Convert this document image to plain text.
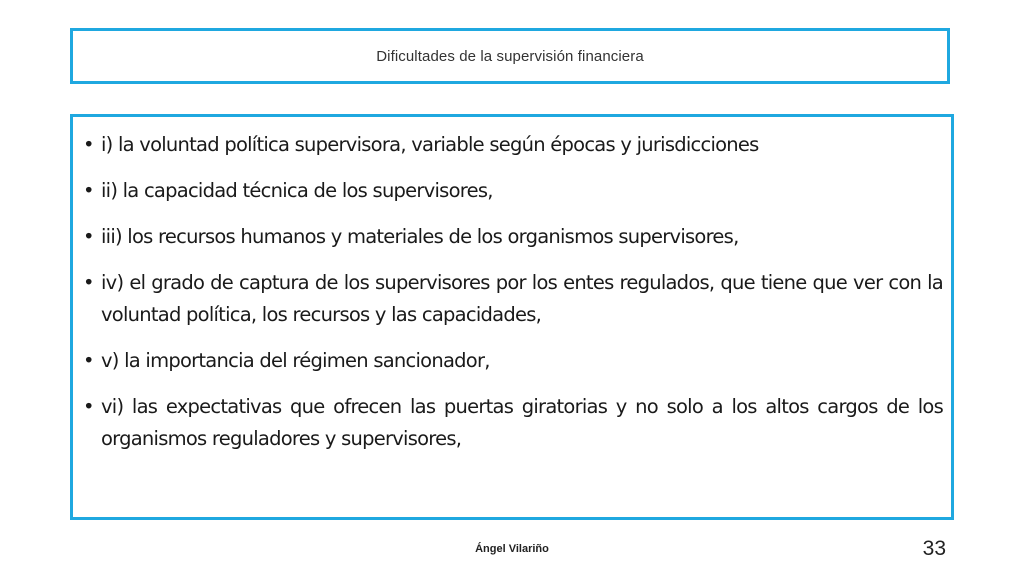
Dificultades de la supervisión financiera
• i) la voluntad política supervisora, variable según épocas y jurisdicciones
• ii) la capacidad técnica de los supervisores,
• iii) los recursos humanos y materiales de los organismos supervisores,
• iv) el grado de captura de los supervisores por los entes regulados, que tiene que ver con la voluntad política, los recursos y las capacidades,
• v) la importancia del régimen sancionador,
• vi) las expectativas que ofrecen las puertas giratorias y no solo a los altos cargos de los organismos reguladores y supervisores,
Ángel Vilariño	33
